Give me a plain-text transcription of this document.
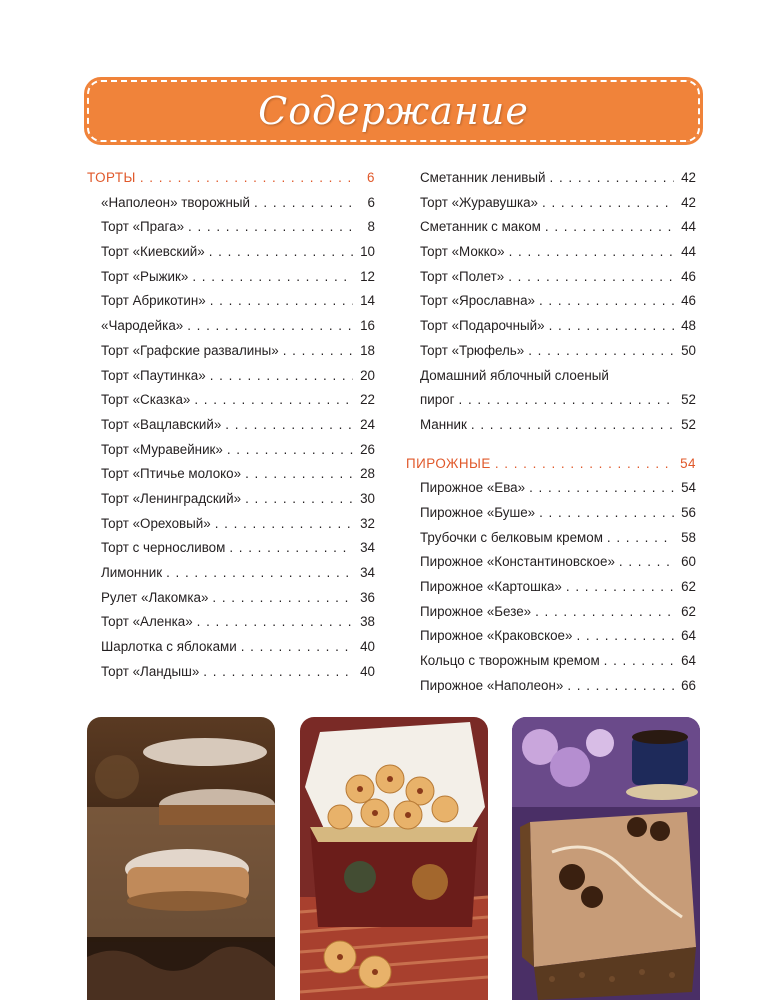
Содержание
ТОРТЫ . . .	6
«Наполеон» творожный . . .	6
Торт «Прага» . . .	8
Торт «Киевский» . . .	10
Торт «Рыжик» . . .	12
Торт Абрикотин» . . .	14
«Чародейка» . . .	16
Торт «Графские развалины» . . .	18
Торт «Паутинка» . . .	20
Торт «Сказка» . . .	22
Торт «Вацлавский» . . .	24
Торт «Муравейник» . . .	26
Торт «Птичье молоко» . . .	28
Торт «Ленинградский» . . .	30
Торт «Ореховый» . . .	32
Торт с черносливом . . .	34
Лимонник . . .	34
Рулет «Лакомка» . . .	36
Торт «Аленка» . . .	38
Шарлотка с яблоками . . .	40
Торт «Ландыш» . . .	40
Сметанник ленивый . . .	42
Торт «Журавушка» . . .	42
Сметанник с маком . . .	44
Торт «Мокко» . . .	44
Торт «Полет» . . .	46
Торт «Ярославна» . . .	46
Торт «Подарочный» . . .	48
Торт «Трюфель» . . .	50
Домашний яблочный слоеный
пирог . . .	52
Манник . . .	52
ПИРОЖНЫЕ . . .	54
Пирожное «Ева» . . .	54
Пирожное «Буше» . . .	56
Трубочки с белковым кремом . . .	58
Пирожное «Константиновское» . . .	60
Пирожное «Картошка» . . .	62
Пирожное «Безе» . . .	62
Пирожное «Краковское» . . .	64
Кольцо с творожным кремом . . .	64
Пирожное «Наполеон» . . .	66
